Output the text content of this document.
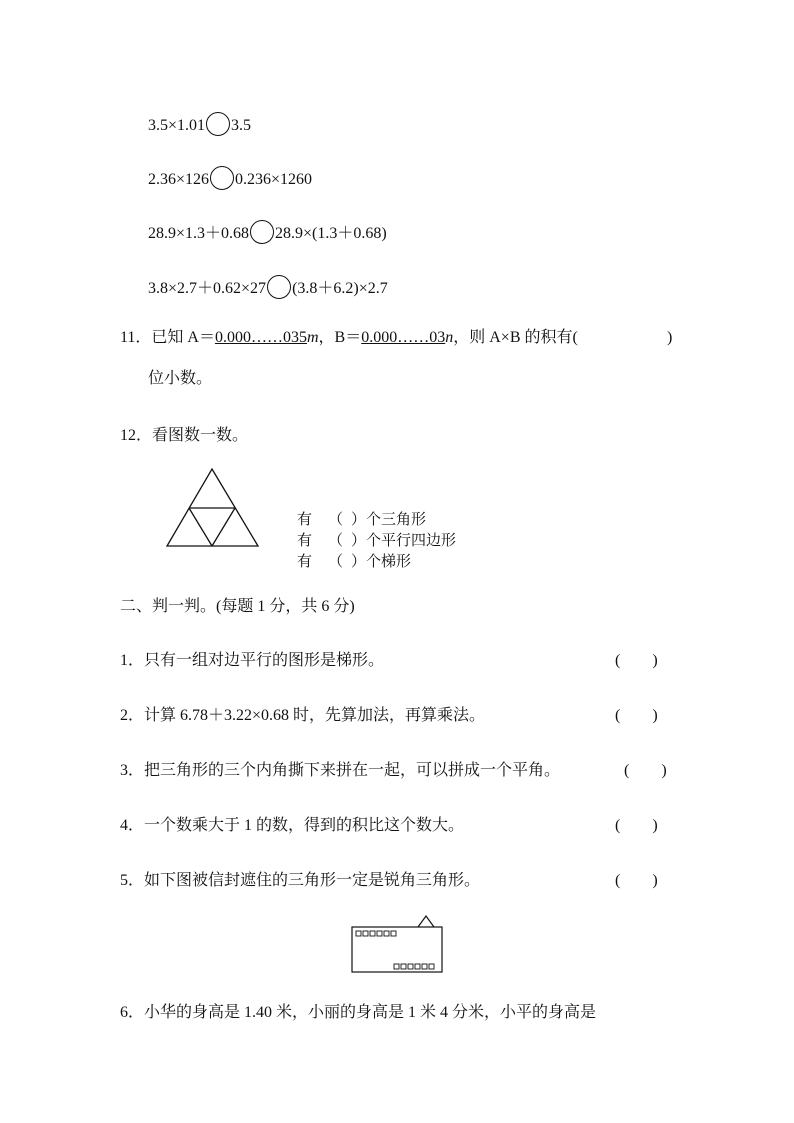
3.5×1.01 3.5
2.36×126 0.236×1260
28.9×1.3＋0.68 28.9×(1.3＋0.68)
3.8×2.7＋0.62×27 (3.8＋6.2)×2.7
11．已知 A＝0.000……035m，B＝0.000……03n，则 A×B 的积有(	)
位小数。
12．看图数一数。
有 （ ）个三角形
有 （ ）个平行四边形
有 （ ）个梯形
二、判一判。(每题 1 分，共 6 分)
1．只有一组对边平行的图形是梯形。	(　　)
2．计算 6.78＋3.22×0.68 时，先算加法，再算乘法。	(　　)
3．把三角形的三个内角撕下来拼在一起，可以拼成一个平角。	(　　)
4．一个数乘大于 1 的数，得到的积比这个数大。	(　　)
5．如下图被信封遮住的三角形一定是锐角三角形。	(　　)
6．小华的身高是 1.40 米，小丽的身高是 1 米 4 分米，小平的身高是
